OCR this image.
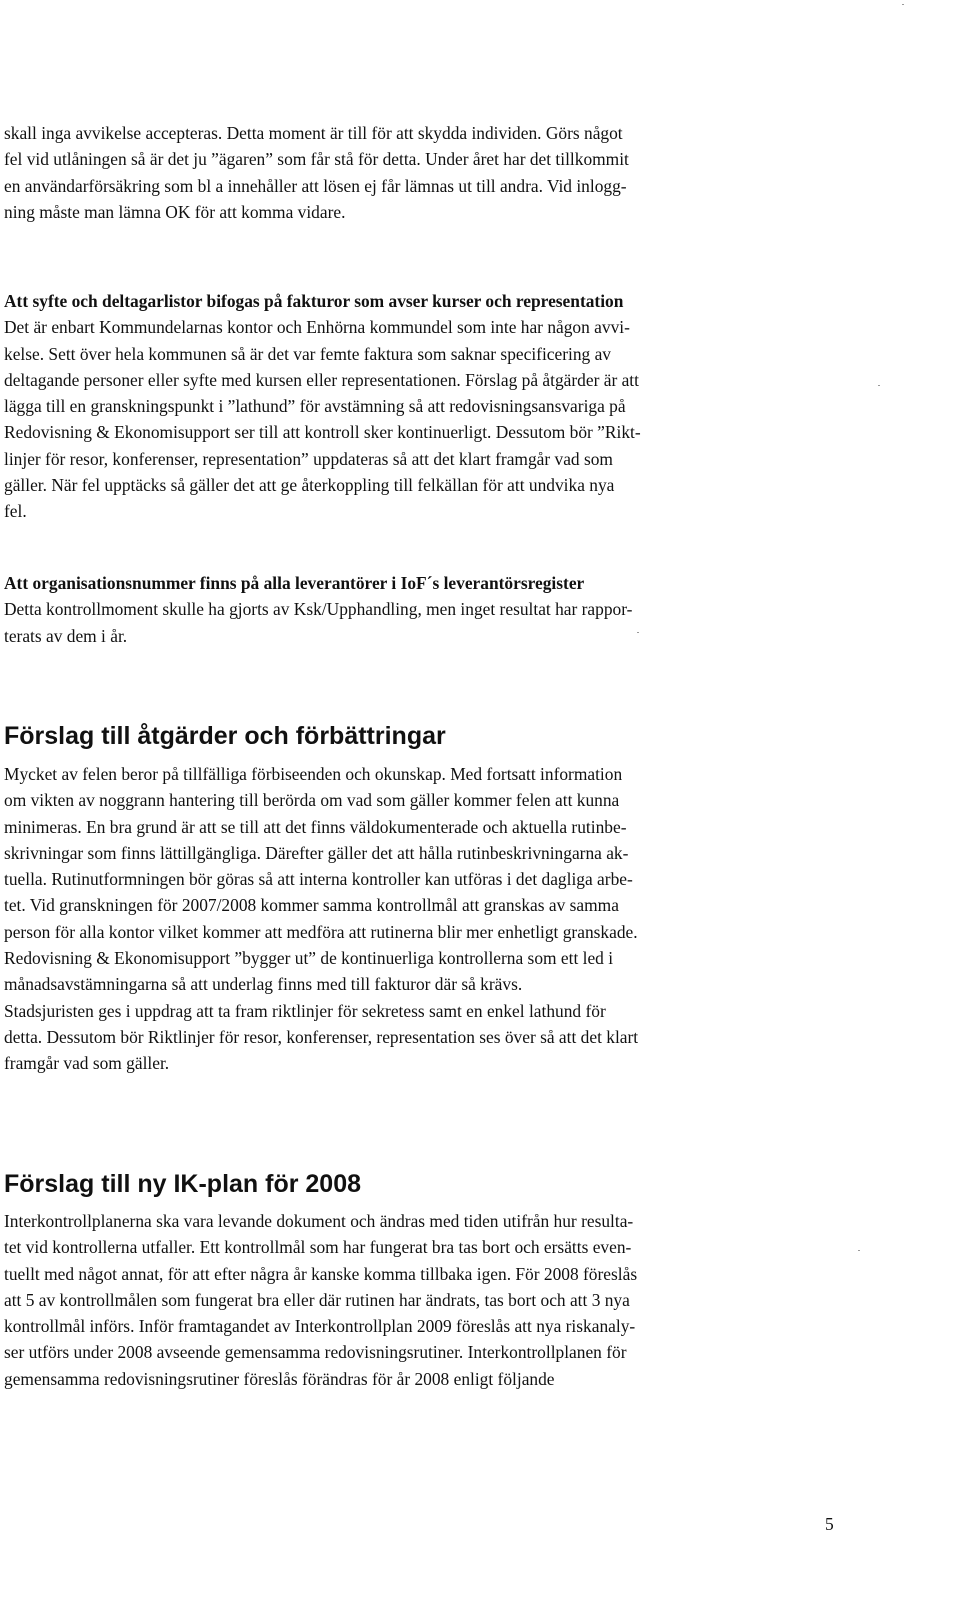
skall inga avvikelse accepteras. Detta moment är till för att skydda individen. Görs något
fel vid utlåningen så är det ju ”ägaren” som får stå för detta. Under året har det tillkommit
en användarförsäkring som bl a innehåller att lösen ej får lämnas ut till andra. Vid inlogg-
ning måste man lämna OK för att komma vidare.
Att syfte och deltagarlistor bifogas på fakturor som avser kurser och representation
Det är enbart Kommundelarnas kontor och Enhörna kommundel som inte har någon avvi-
kelse. Sett över hela kommunen så är det var femte faktura som saknar specificering av
deltagande personer eller syfte med kursen eller representationen. Förslag på åtgärder är att
lägga till en granskningspunkt i ”lathund” för avstämning så att redovisningsansvariga på
Redovisning & Ekonomisupport ser till att kontroll sker kontinuerligt. Dessutom bör ”Rikt-
linjer för resor, konferenser, representation” uppdateras så att det klart framgår vad som
gäller. När fel upptäcks så gäller det att ge återkoppling till felkällan för att undvika nya
fel.
Att organisationsnummer finns på alla leverantörer i IoF´s leverantörsregister
Detta kontrollmoment skulle ha gjorts av Ksk/Upphandling, men inget resultat har rappor-
terats av dem i år.
Förslag till åtgärder och förbättringar
Mycket av felen beror på tillfälliga förbiseenden och okunskap. Med fortsatt information
om vikten av noggrann hantering till berörda om vad som gäller kommer felen att kunna
minimeras. En bra grund är att se till att det finns väldokumenterade och aktuella rutinbe-
skrivningar som finns lättillgängliga. Därefter gäller det att hålla rutinbeskrivningarna ak-
tuella. Rutinutformningen bör göras så att interna kontroller kan utföras i det dagliga arbe-
tet. Vid granskningen för 2007/2008 kommer samma kontrollmål att granskas av samma
person för alla kontor vilket kommer att medföra att rutinerna blir mer enhetligt granskade.
Redovisning & Ekonomisupport ”bygger ut” de kontinuerliga kontrollerna som ett led i
månadsavstämningarna så att underlag finns med till fakturor där så krävs.
Stadsjuristen ges i uppdrag att ta fram riktlinjer för sekretess samt en enkel lathund för
detta. Dessutom bör Riktlinjer för resor, konferenser, representation ses över så att det klart
framgår vad som gäller.
Förslag till ny IK-plan för 2008
Interkontrollplanerna ska vara levande dokument och ändras med tiden utifrån hur resulta-
tet vid kontrollerna utfaller. Ett kontrollmål som har fungerat bra tas bort och ersätts even-
tuellt med något annat, för att efter några år kanske komma tillbaka igen. För 2008 föreslås
att 5 av kontrollmålen som fungerat bra eller där rutinen har ändrats, tas bort och att 3 nya
kontrollmål införs. Inför framtagandet av Interkontrollplan 2009 föreslås att nya riskanaly-
ser utförs under 2008 avseende gemensamma redovisningsrutiner. Interkontrollplanen för
gemensamma redovisningsrutiner föreslås förändras för år 2008 enligt följande
5
